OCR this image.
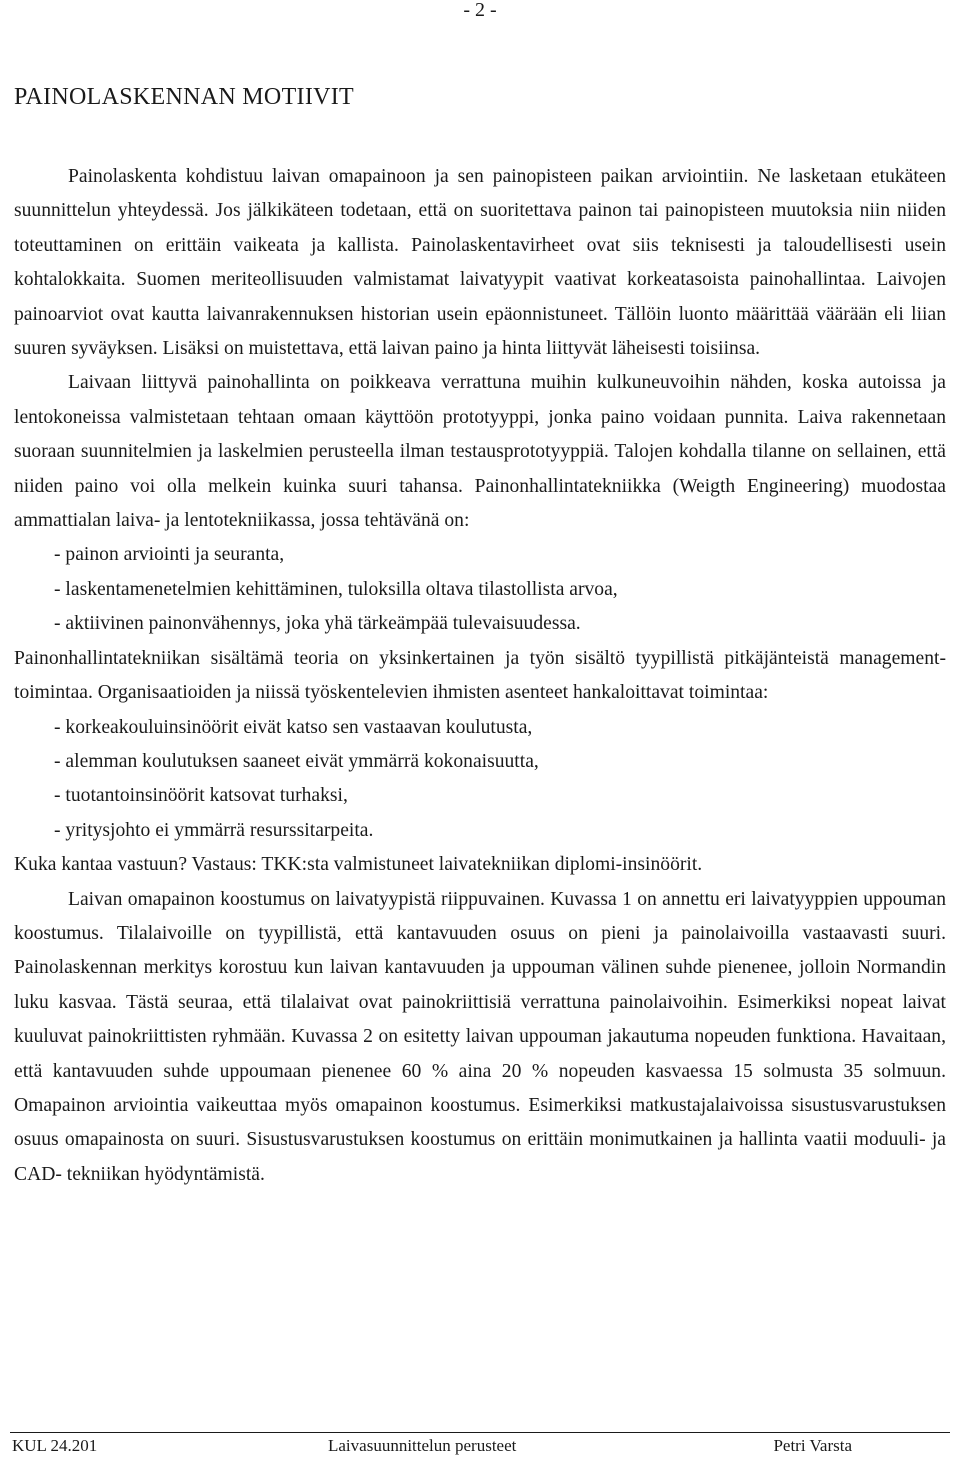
- 2 -
PAINOLASKENNAN MOTIIVIT

Painolaskenta kohdistuu laivan omapainoon ja sen painopisteen paikan arviointiin. Ne lasketaan etukäteen suunnittelun yhteydessä. Jos jälkikäteen todetaan, että on suoritettava painon tai painopisteen muutoksia niin niiden toteuttaminen on erittäin vaikeata ja kallista. Painolaskentavirheet ovat siis teknisesti ja taloudellisesti usein kohtalokkaita. Suomen meriteollisuuden valmistamat laivatyypit vaativat korkeatasoista painohallintaa. Laivojen painoarviot ovat kautta laivanrakennuksen historian usein epäonnistuneet. Tällöin luonto määrittää väärään eli liian suuren syväyksen. Lisäksi on muistettava, että laivan paino ja hinta liittyvät läheisesti toisiinsa.

Laivaan liittyvä painohallinta on poikkeava verrattuna muihin kulkuneuvoihin nähden, koska autoissa ja lentokoneissa valmistetaan tehtaan omaan käyttöön prototyyppi, jonka paino voidaan punnita. Laiva rakennetaan suoraan suunnitelmien ja laskelmien perusteella ilman testausprototyyppiä. Talojen kohdalla tilanne on sellainen, että niiden paino voi olla melkein kuinka suuri tahansa. Painonhallintatekniikka (Weigth Engineering) muodostaa ammattialan laiva- ja lentotekniikassa, jossa tehtävänä on:

- painon arviointi ja seuranta,
- laskentamenetelmien kehittäminen, tuloksilla oltava tilastollista arvoa,
- aktiivinen painonvähennys, joka yhä tärkeämpää tulevaisuudessa.

Painonhallintatekniikan sisältämä teoria on yksinkertainen ja työn sisältö tyypillistä pitkäjänteistä management-toimintaa. Organisaatioiden ja niissä työskentelevien ihmisten asenteet hankaloittavat toimintaa:

- korkeakouluinsinöörit eivät katso sen vastaavan koulutusta,
- alemman koulutuksen saaneet eivät ymmärrä kokonaisuutta,
- tuotantoinsinöörit katsovat turhaksi,
- yritysjohto ei ymmärrä resurssitarpeita.

Kuka kantaa vastuun? Vastaus: TKK:sta valmistuneet laivatekniikan diplomi-insinöörit.

Laivan omapainon koostumus on laivatyypistä riippuvainen. Kuvassa 1 on annettu eri laivatyyppien uppouman koostumus. Tilalaivoille on tyypillistä, että kantavuuden osuus on pieni ja painolaivoilla vastaavasti suuri. Painolaskennan merkitys korostuu kun laivan kantavuuden ja uppouman välinen suhde pienenee, jolloin Normandin luku kasvaa. Tästä seuraa, että tilalaivat ovat painokriittisiä verrattuna painolaivoihin. Esimerkiksi nopeat laivat kuuluvat painokriittisten ryhmään. Kuvassa 2 on esitetty laivan uppouman jakautuma nopeuden funktiona. Havaitaan, että kantavuuden suhde uppoumaan pienenee 60 % aina 20 % nopeuden kasvaessa 15 solmusta 35 solmuun. Omapainon arviointia vaikeuttaa myös omapainon koostumus. Esimerkiksi matkustajalaivoissa sisustusvarustuksen osuus omapainosta on suuri. Sisustusvarustuksen koostumus on erittäin monimutkainen ja hallinta vaatii moduuli- ja CAD- tekniikan hyödyntämistä.

KUL 24.201	Laivasuunnittelun perusteet	Petri Varsta
